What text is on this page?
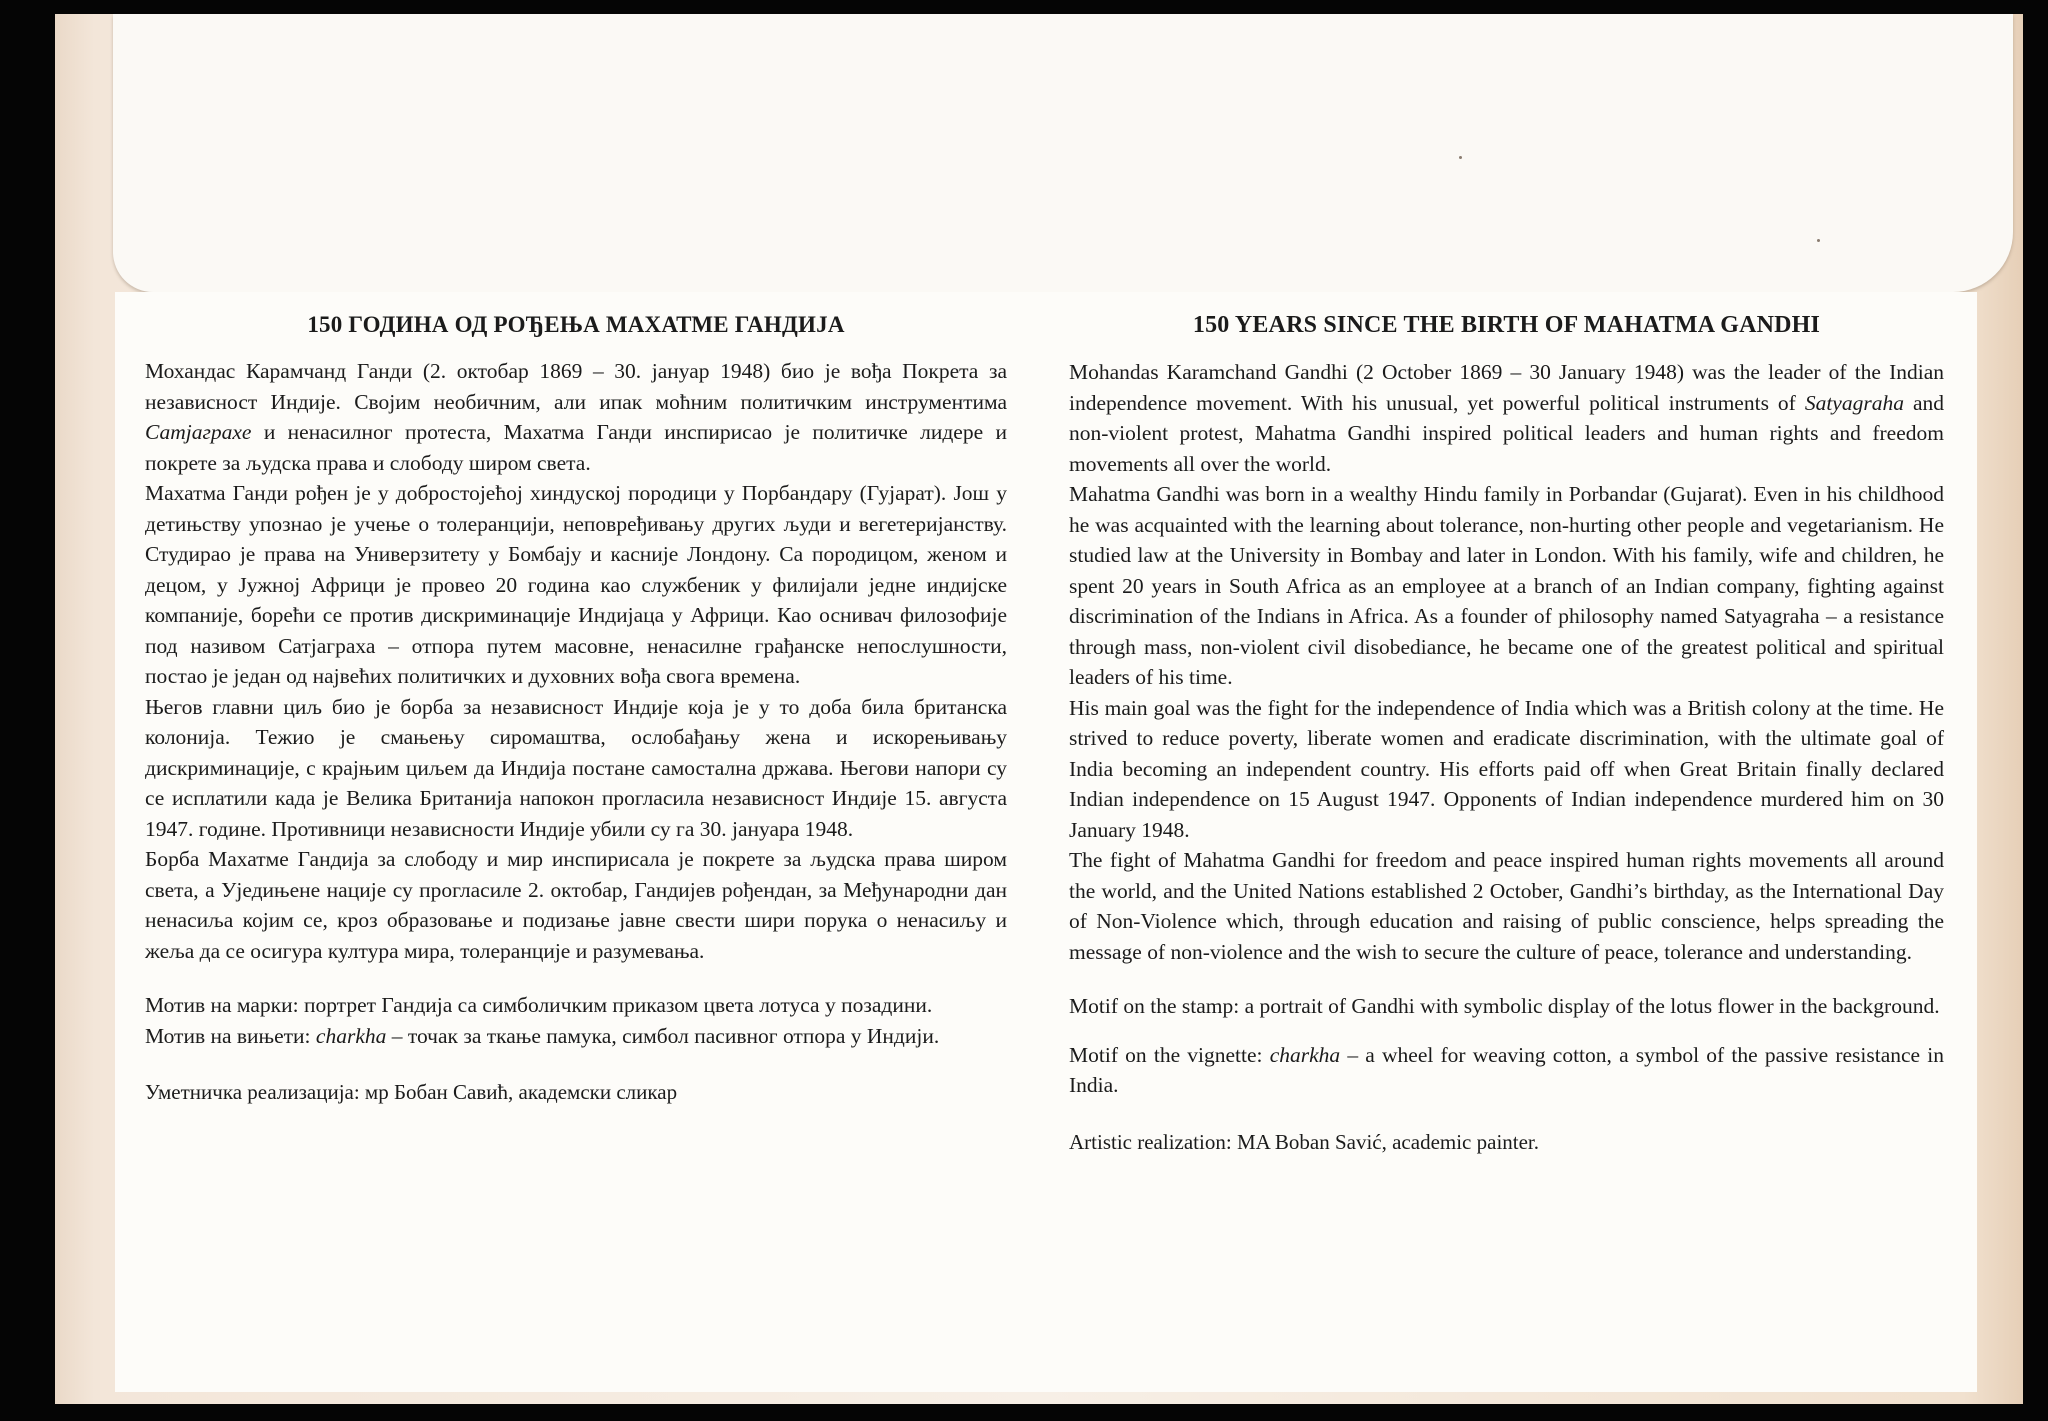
150 ГОДИНА ОД РОЂЕЊА МАХАТМЕ ГАНДИЈА

Мохандас Карамчанд Ганди (2. октобар 1869 – 30. јануар 1948) био је вођа Покрета за независност Индије. Својим необичним, али ипак моћним политичким инструментима Сатјаграхе и ненасилног протеста, Махатма Ганди инспирисао је политичке лидере и покрете за људска права и слободу широм света.

Махатма Ганди рођен је у добростојећој хиндуској породици у Порбандару (Гујарат). Још у детињству упознао је учење о толеранцији, неповређивању других људи и вегетеријанству. Студирао је права на Универзитету у Бомбају и касније Лондону. Са породицом, женом и децом, у Јужној Африци је провео 20 година као службеник у филијали једне индијске компаније, борећи се против дискриминације Индијаца у Африци. Као оснивач филозофије под називом Сатјаграха – отпора путем масовне, ненасилне грађанске непослушности, постао је један од највећих политичких и духовних вођа свога времена.

Његов главни циљ био је борба за независност Индије која је у то доба била британска колонија. Тежио је смањењу сиромаштва, ослобађању жена и искорењивању дискриминације, с крајњим циљем да Индија постане самостална држава. Његови напори су се исплатили када је Велика Британија напокон прогласила независност Индије 15. августа 1947. године. Противници независности Индије убили су га 30. јануара 1948.

Борба Махатме Гандија за слободу и мир инспирисала је покрете за људска права широм света, а Уједињене нације су прогласиле 2. октобар, Гандијев рођендан, за Међународни дан ненасиља којим се, кроз образовање и подизање јавне свести шири порука о ненасиљу и жеља да се осигура култура мира, толеранције и разумевања.

Мотив на марки: портрет Гандија са симболичким приказом цвета лотуса у позадини.

Мотив на вињети: charkha – точак за ткање памука, симбол пасивног отпора у Индији.

Уметничка реализација: мр Бобан Савић, академски сликар

150 YEARS SINCE THE BIRTH OF MAHATMA GANDHI

Mohandas Karamchand Gandhi (2 October 1869 – 30 January 1948) was the leader of the Indian independence movement. With his unusual, yet powerful political instruments of Satyagraha and non-violent protest, Mahatma Gandhi inspired political leaders and human rights and freedom movements all over the world.

Mahatma Gandhi was born in a wealthy Hindu family in Porbandar (Gujarat). Even in his childhood he was acquainted with the learning about tolerance, non-hurting other people and vegetarianism. He studied law at the University in Bombay and later in London. With his family, wife and children, he spent 20 years in South Africa as an employee at a branch of an Indian company, fighting against discrimination of the Indians in Africa. As a founder of philosophy named Satyagraha – a resistance through mass, non-violent civil disobediance, he became one of the greatest political and spiritual leaders of his time.

His main goal was the fight for the independence of India which was a British colony at the time. He strived to reduce poverty, liberate women and eradicate discrimination, with the ultimate goal of India becoming an independent country. His efforts paid off when Great Britain finally declared Indian independence on 15 August 1947. Opponents of Indian independence murdered him on 30 January 1948.

The fight of Mahatma Gandhi for freedom and peace inspired human rights movements all around the world, and the United Nations established 2 October, Gandhi’s birthday, as the International Day of Non-Violence which, through education and raising of public conscience, helps spreading the message of non-violence and the wish to secure the culture of peace, tolerance and understanding.

Motif on the stamp: a portrait of Gandhi with symbolic display of the lotus flower in the background.

Motif on the vignette: charkha – a wheel for weaving cotton, a symbol of the passive resistance in India.

Artistic realization: MA Boban Savić, academic painter.
